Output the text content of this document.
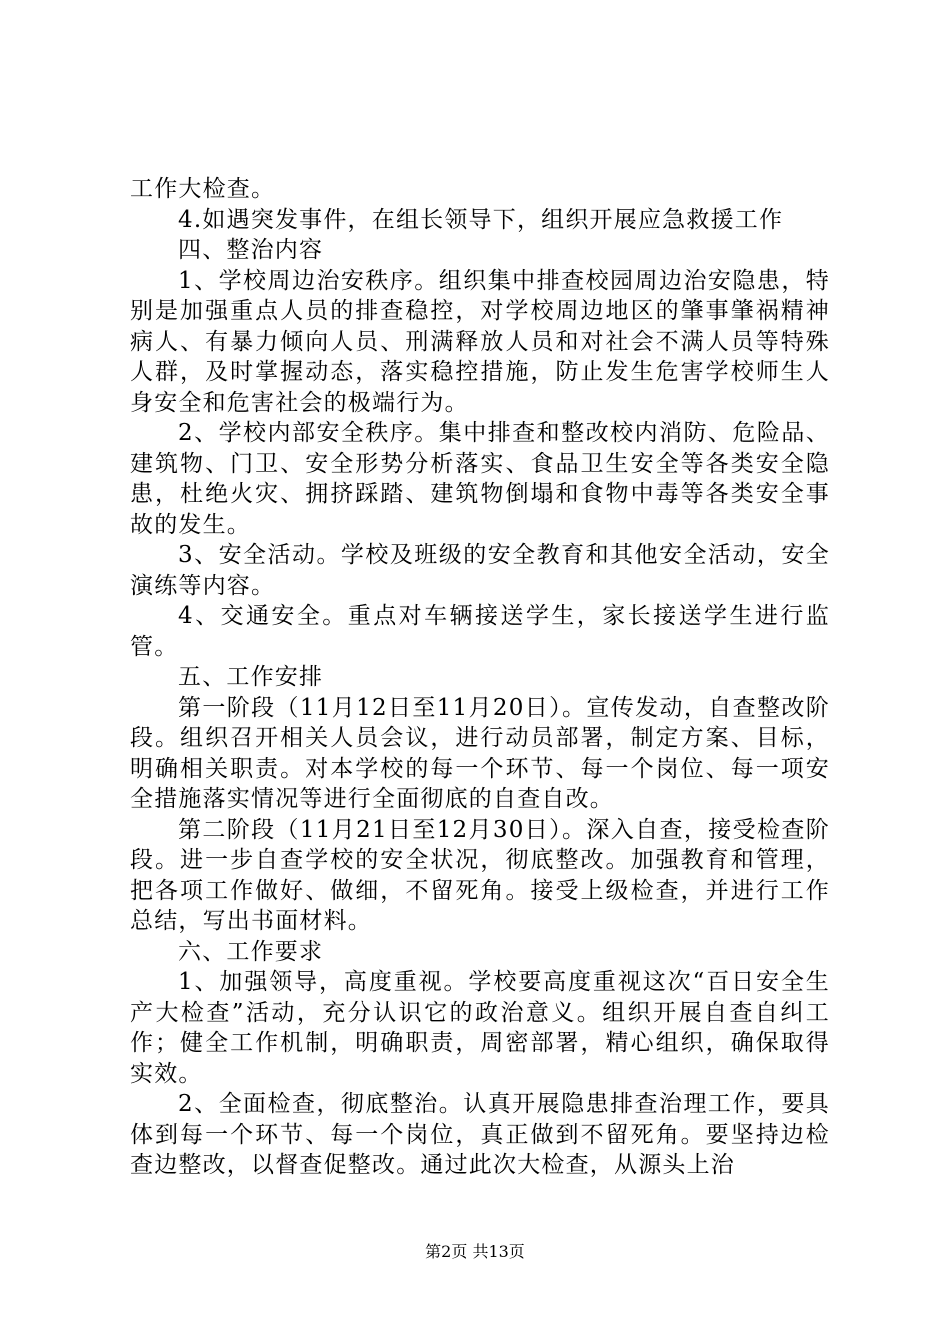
工作大检查。

4.如遇突发事件，在组长领导下，组织开展应急救援工作

四、整治内容

1、学校周边治安秩序。组织集中排查校园周边治安隐患，特别是加强重点人员的排查稳控，对学校周边地区的肇事肇祸精神病人、有暴力倾向人员、刑满释放人员和对社会不满人员等特殊人群，及时掌握动态，落实稳控措施，防止发生危害学校师生人身安全和危害社会的极端行为。

2、学校内部安全秩序。集中排查和整改校内消防、危险品、建筑物、门卫、安全形势分析落实、食品卫生安全等各类安全隐患，杜绝火灾、拥挤踩踏、建筑物倒塌和食物中毒等各类安全事故的发生。

3、安全活动。学校及班级的安全教育和其他安全活动，安全演练等内容。

4、交通安全。重点对车辆接送学生，家长接送学生进行监管。

五、工作安排

第一阶段（11月12日至11月20日）。宣传发动，自查整改阶段。组织召开相关人员会议，进行动员部署，制定方案、目标，明确相关职责。对本学校的每一个环节、每一个岗位、每一项安全措施落实情况等进行全面彻底的自查自改。

第二阶段（11月21日至12月30日）。深入自查，接受检查阶段。进一步自查学校的安全状况，彻底整改。加强教育和管理，把各项工作做好、做细，不留死角。接受上级检查，并进行工作总结，写出书面材料。

六、工作要求

1、加强领导，高度重视。学校要高度重视这次“百日安全生产大检查”活动，充分认识它的政治意义。组织开展自查自纠工作；健全工作机制，明确职责，周密部署，精心组织，确保取得实效。

2、全面检查，彻底整治。认真开展隐患排查治理工作，要具体到每一个环节、每一个岗位，真正做到不留死角。要坚持边检查边整改，以督查促整改。通过此次大检查，从源头上治

第2页 共13页
